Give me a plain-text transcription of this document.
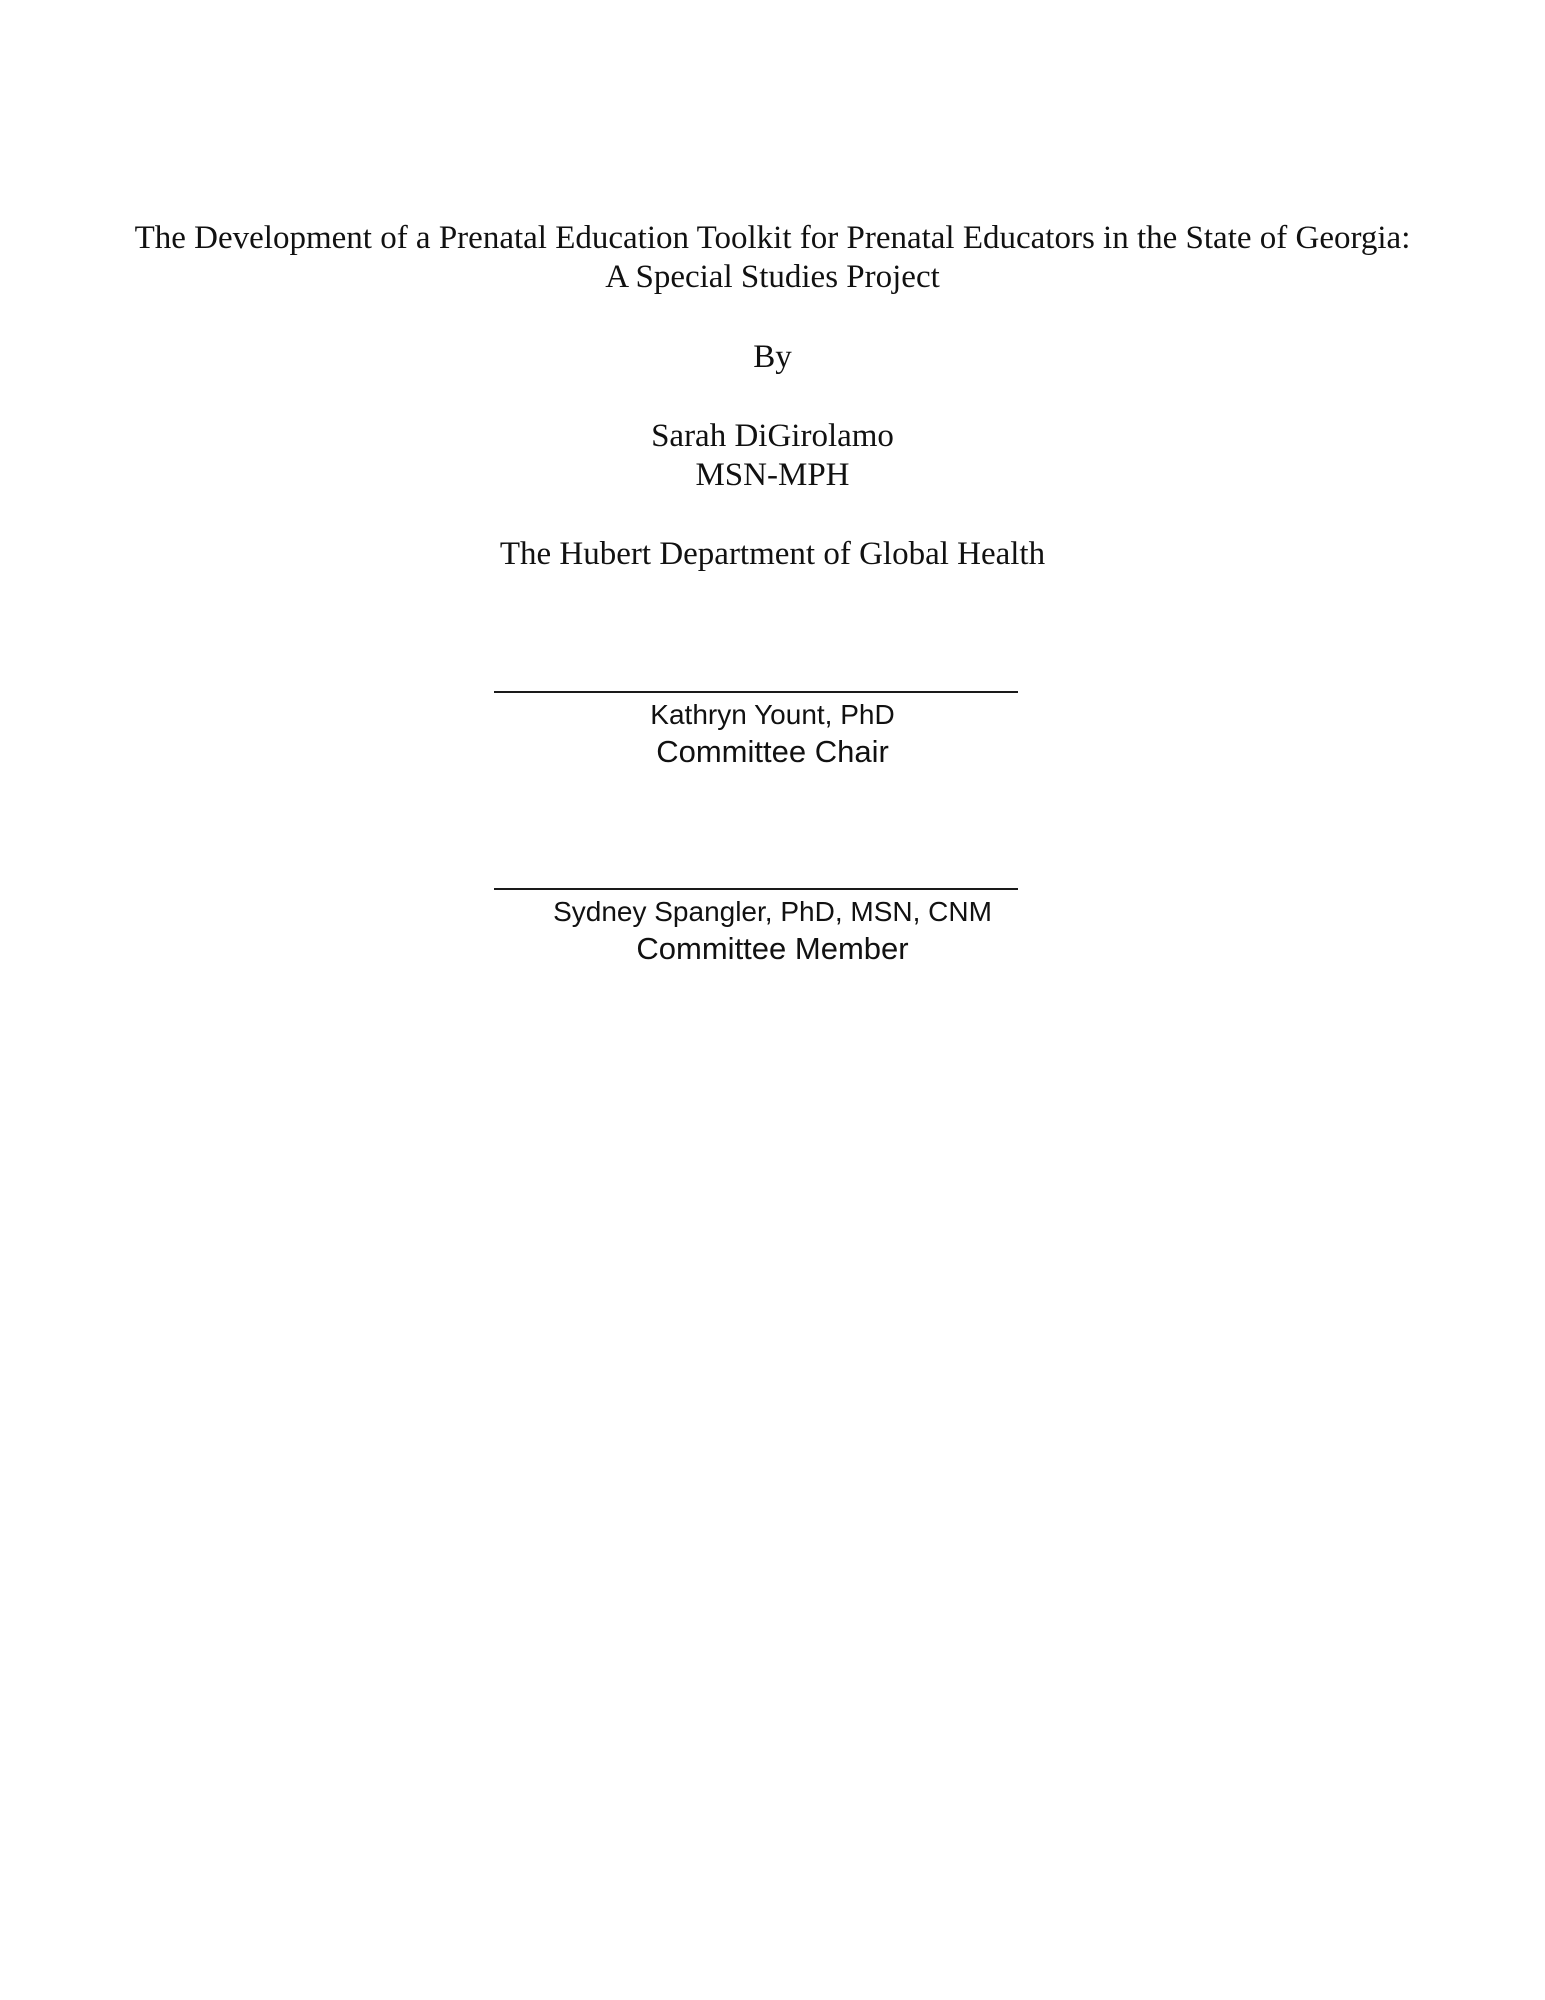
The Development of a Prenatal Education Toolkit for Prenatal Educators in the State of Georgia:
A Special Studies Project
By
Sarah DiGirolamo
MSN-MPH
The Hubert Department of Global Health
Kathryn Yount, PhD
Committee Chair
Sydney Spangler, PhD, MSN, CNM
Committee Member
